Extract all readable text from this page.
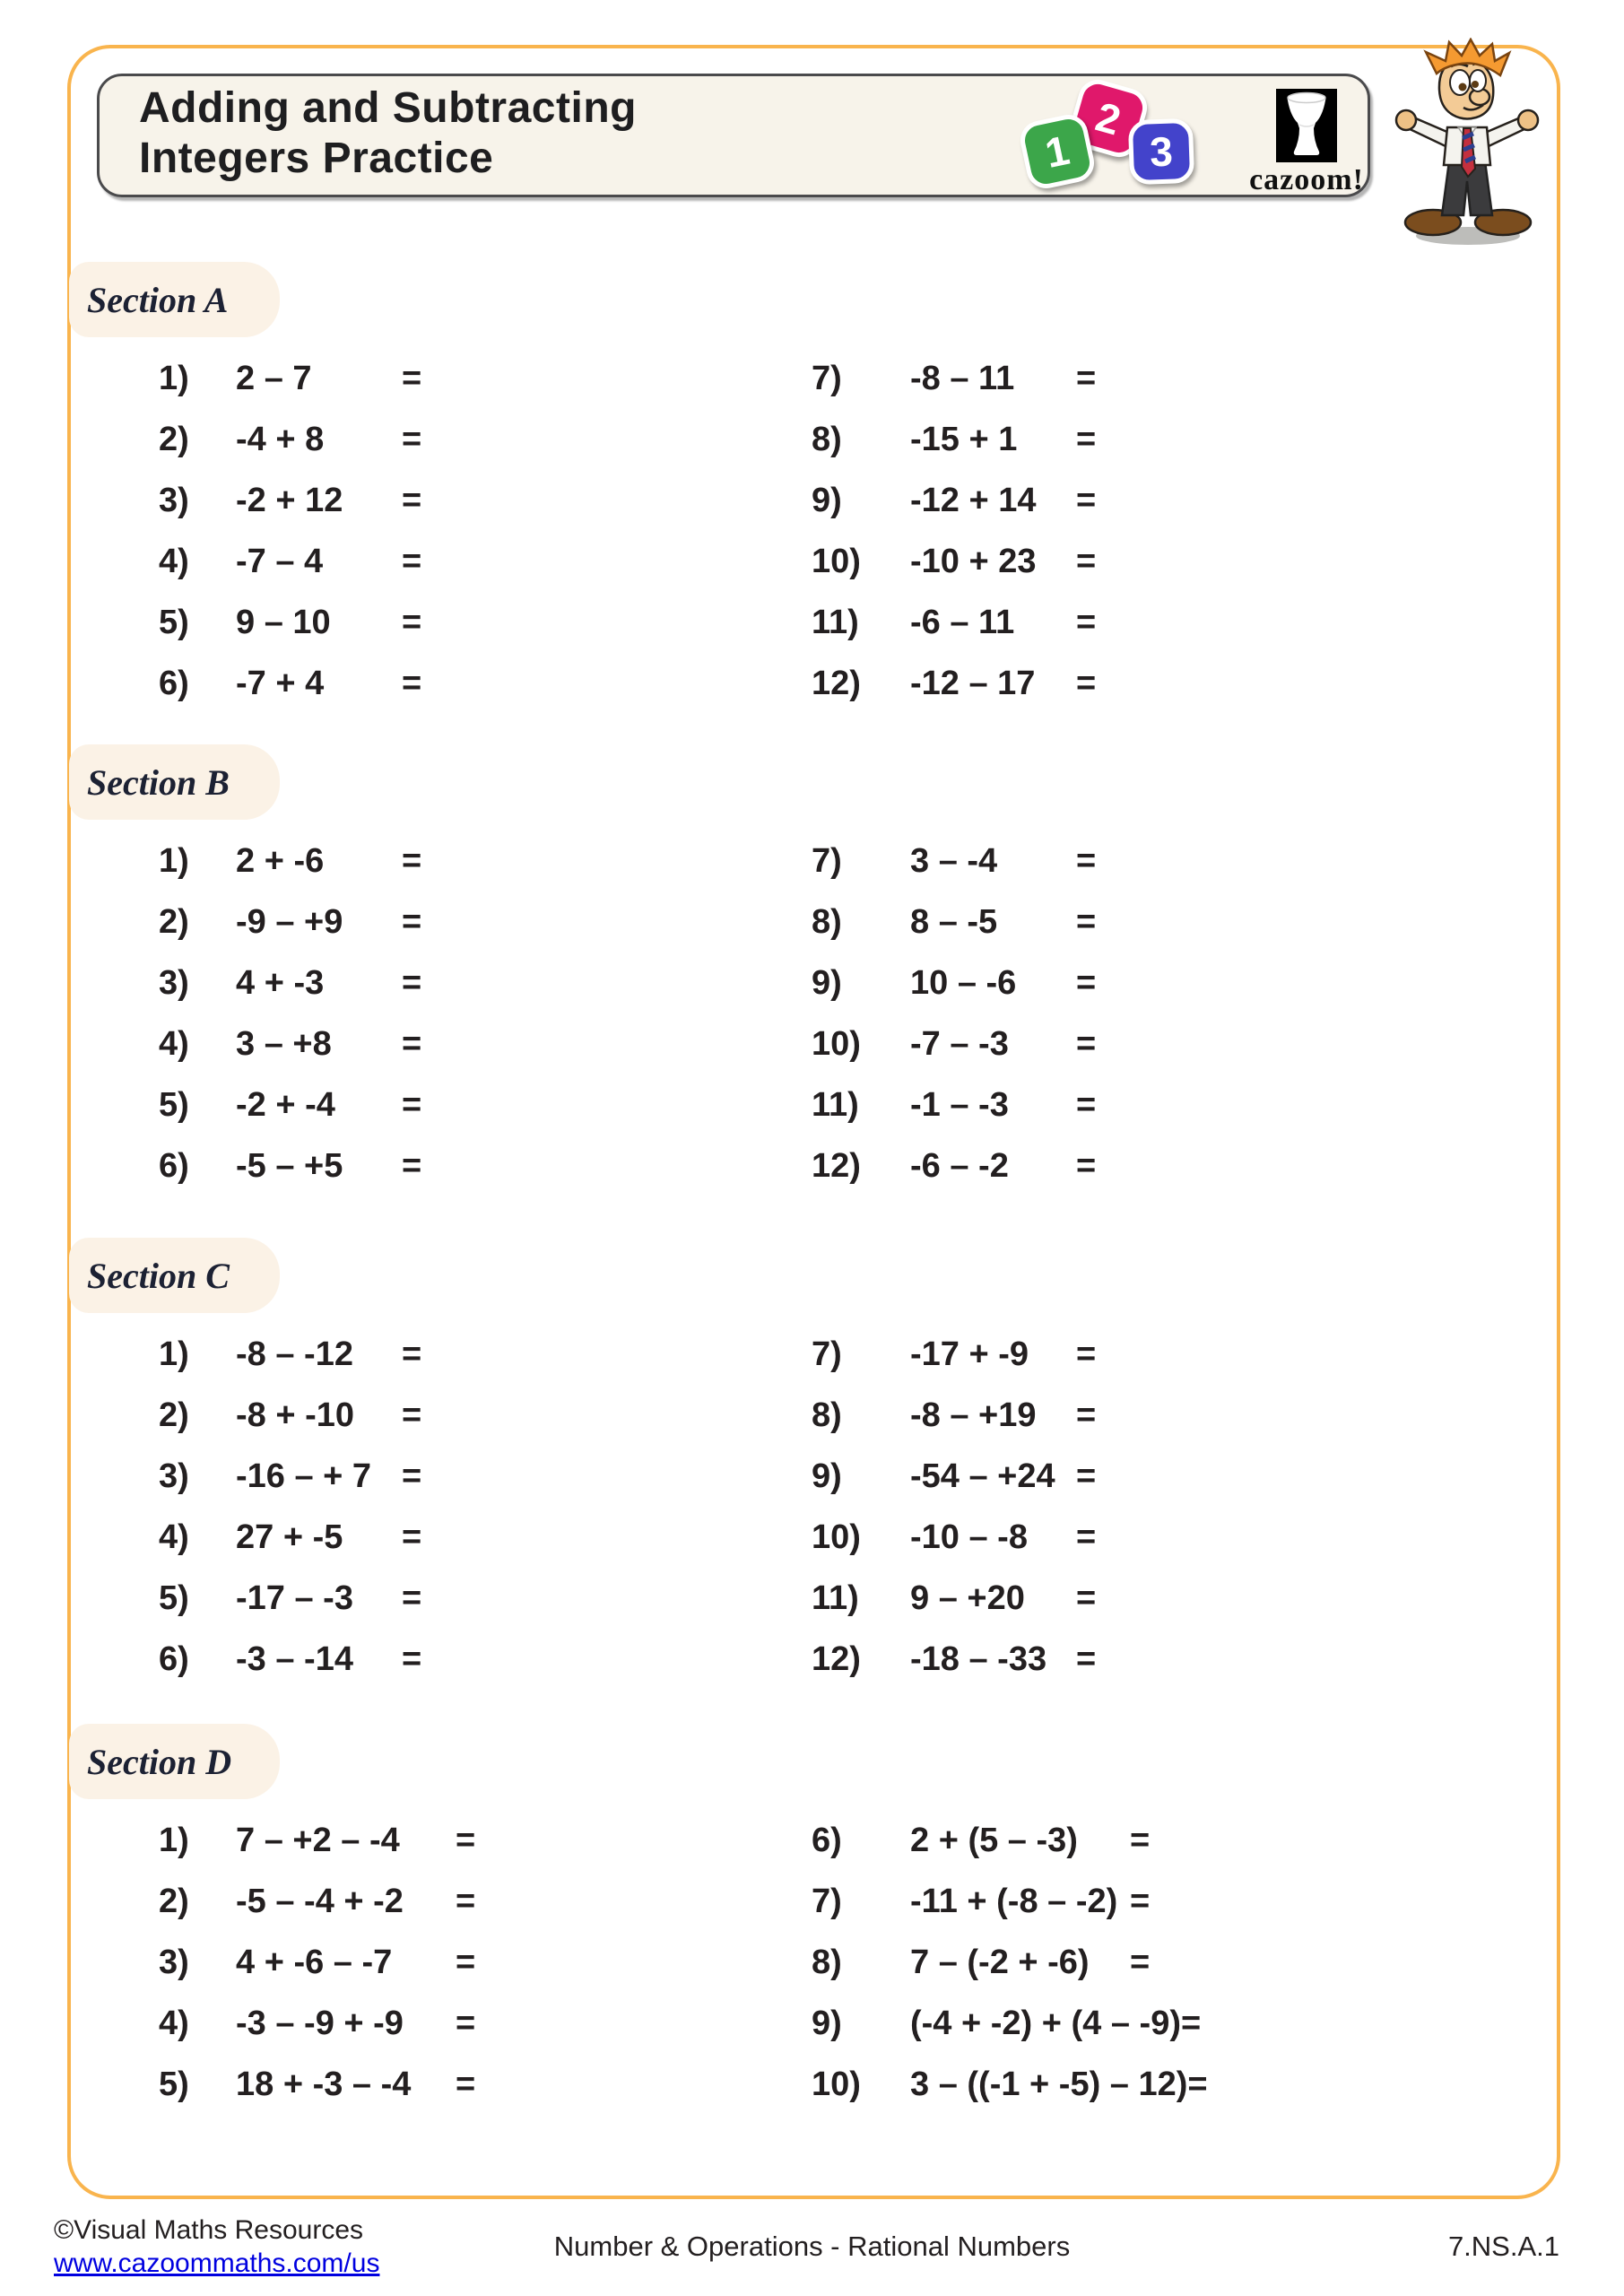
Adding and Subtracting
Integers Practice
2
1 3
cazoom!
Section A
1)	2 – 7	=	7)	-8 – 11	=
2)	-4 + 8	=	8)	-15 + 1	=
3)	-2 + 12	=	9)	-12 + 14	=
4)	-7 – 4	=	10)	-10 + 23	=
5)	9 – 10	=	11)	-6 – 11	=
6)	-7 + 4	=	12)	-12 – 17	=
Section B
1)	2 + -6	=	7)	3 – -4	=
2)	-9 – +9	=	8)	8 – -5	=
3)	4 + -3	=	9)	10 – -6	=
4)	3 – +8	=	10)	-7 – -3	=
5)	-2 + -4	=	11)	-1 – -3	=
6)	-5 – +5	=	12)	-6 – -2	=
Section C
1)	-8 – -12	=	7)	-17 + -9	=
2)	-8 + -10	=	8)	-8 – +19	=
3)	-16 – + 7 =	9)	-54 – +24 =
4)	27 + -5	=	10)	-10 – -8	=
5)	-17 – -3	=	11)	9 – +20	=
6)	-3 – -14	=	12)	-18 – -33 =
Section D
1)	7 – +2 – -4	=	6)	2 + (5 – -3)	=
2)	-5 – -4 + -2	=	7)	-11 + (-8 – -2) =
3)	4 + -6 – -7	=	8)	7 – (-2 + -6)	=
4)	-3 – -9 + -9	=	9)	(-4 + -2) + (4 – -9) =
5)	18 + -3 – -4	=	10)	3 – ((-1 + -5) – 12) =
©Visual Maths Resources
www.cazoommaths.com/us
Number & Operations - Rational Numbers	7.NS.A.1
